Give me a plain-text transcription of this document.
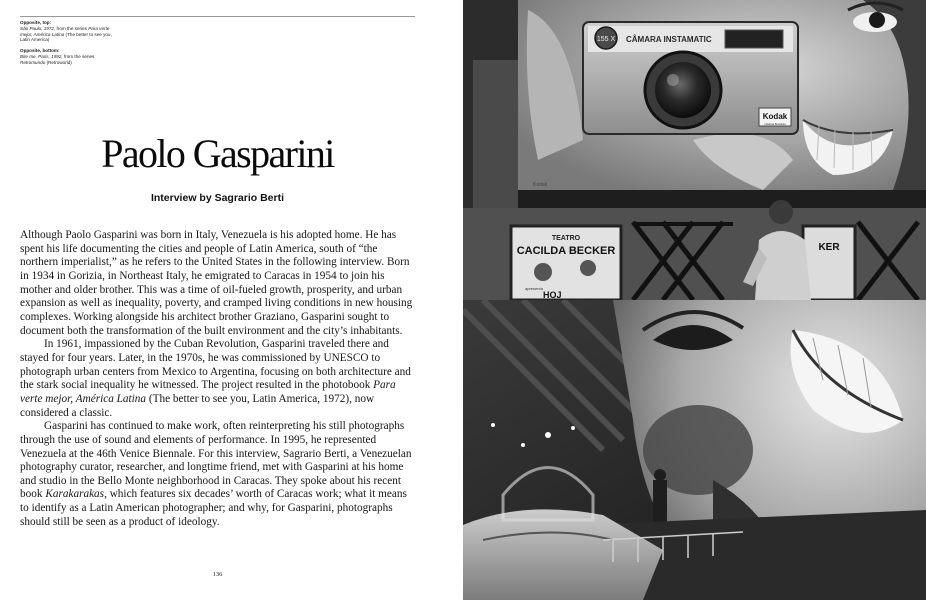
Opposite, top:
São Paulo, 1972, from the series Para verte mejor, América Latina (The better to see you, Latin America)
Opposite, bottom:
Bite me, Paris, 1992, from the series Retromundo (Retroworld)
Paolo Gasparini
Interview by Sagrario Berti

Although Paolo Gasparini was born in Italy, Venezuela is his adopted home. He has spent his life documenting the cities and people of Latin America, south of “the northern imperialist,” as he refers to the United States in the following interview. Born in 1934 in Gorizia, in Northeast Italy, he emigrated to Caracas in 1954 to join his mother and older brother. This was a time of oil-fueled growth, prosperity, and urban expansion as well as inequality, poverty, and cramped living conditions in new housing complexes. Working alongside his architect brother Graziano, Gasparini sought to document both the transformation of the built environment and the city’s inhabitants.

In 1961, impassioned by the Cuban Revolution, Gasparini traveled there and stayed for four years. Later, in the 1970s, he was commissioned by UNESCO to photograph urban centers from Mexico to Argentina, focusing on both architecture and the stark social inequality he witnessed. The project resulted in the photobook Para verte mejor, América Latina (The better to see you, Latin America, 1972), now considered a classic.

Gasparini has continued to make work, often reinterpreting his still photographs through the use of sound and elements of performance. In 1995, he represented Venezuela at the 46th Venice Biennale. For this interview, Sagrario Berti, a Venezuelan photography curator, researcher, and longtime friend, met with Gasparini at his home and studio in the Bello Monte neighborhood in Caracas. They spoke about his recent book Karakarakas, which features six decades’ worth of Caracas work; what it means to identify as a Latin American photographer; and why, for Gasparini, photographs should still be seen as a product of ideology.

136
155 X CÂMARA INSTAMATIC
Kodak
Indústria Brasileira
Kodak
TEATRO
CACILDA BECKER
apresenta
HOJ
KER
